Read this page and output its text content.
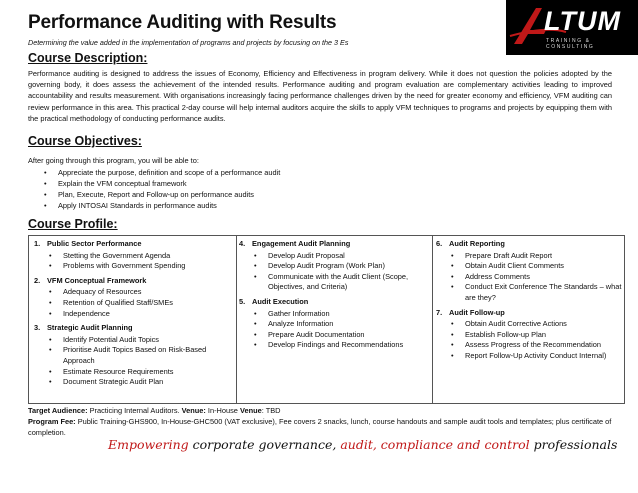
Performance Auditing with Results
Determining the value added in the implementation of programs and projects by focusing on the 3 Es
LTUM
TRAINING & CONSULTING
Course Description:
Performance auditing is designed to address the issues of Economy, Efficiency and Effectiveness in program delivery. While it does not question the policies adopted by the governing body, it does assess the achievement of the intended results. Performance auditing and program evaluation are complementary activities leading to improved accountability and results measurement. With organisations increasingly facing performance challenges driven by the need for greater economy and efficiency, VFM auditing can review performance in this area. This practical 2-day course will help internal auditors acquire the skills to apply VFM techniques to programs and projects by equipping them with the practical methodology of conducting performance audits.
Course Objectives:
After going through this program, you will be able to:
• Appreciate the purpose, definition and scope of a performance audit
• Explain the VFM conceptual framework
• Plan, Execute, Report and Follow-up on performance audits
• Apply INTOSAI Standards in performance audits
Course Profile:
1. Public Sector Performance
• Stetting the Government Agenda
• Problems with Government Spending
2. VFM Conceptual Framework
• Adequacy of Resources
• Retention of Qualified Staff/SMEs
• Independence
3. Strategic Audit Planning
• Identify Potential Audit Topics
• Prioritise Audit Topics Based on Risk-Based Approach
• Estimate Resource Requirements
• Document Strategic Audit Plan
4. Engagement Audit Planning
• Develop Audit Proposal
• Develop Audit Program (Work Plan)
• Communicate with the Audit Client (Scope, Objectives, and Criteria)
5. Audit Execution
• Gather Information
• Analyze Information
• Prepare Audit Documentation
• Develop Findings and Recommendations
6. Audit Reporting
• Prepare Draft Audit Report
• Obtain Audit Client Comments
• Address Comments
• Conduct Exit Conference The Standards – what are they?
7. Audit Follow-up
• Obtain Audit Corrective Actions
• Establish Follow-up Plan
• Assess Progress of the Recommendation
• Report Follow-Up Activity Conduct Internal)
Target Audience: Practicing Internal Auditors. Venue: In-House Venue: TBD
Program Fee: Public Training-GHS900, In-House-GHC500 (VAT exclusive), Fee covers 2 snacks, lunch, course handouts and sample audit tools and templates; plus certificate of completion.
Empowering corporate governance, audit, compliance and control professionals
